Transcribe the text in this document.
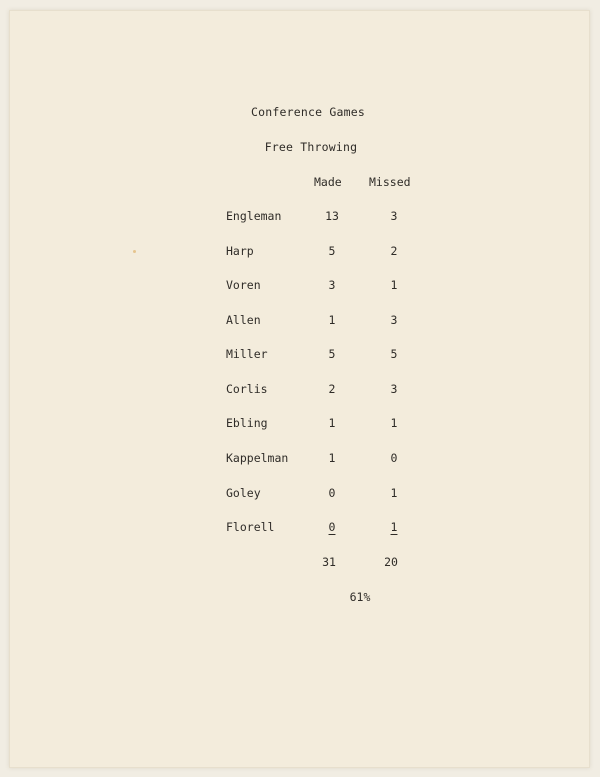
Conference Games
Free Throwing
Made Missed
Engleman	13	3
Harp	5	2
Voren	3	1
Allen	1	3
Miller	5	5
Corlis	2	3
Ebling	1	1
Kappelman	1	0
Goley	0	1
Florell	0	1
31	20
61%
